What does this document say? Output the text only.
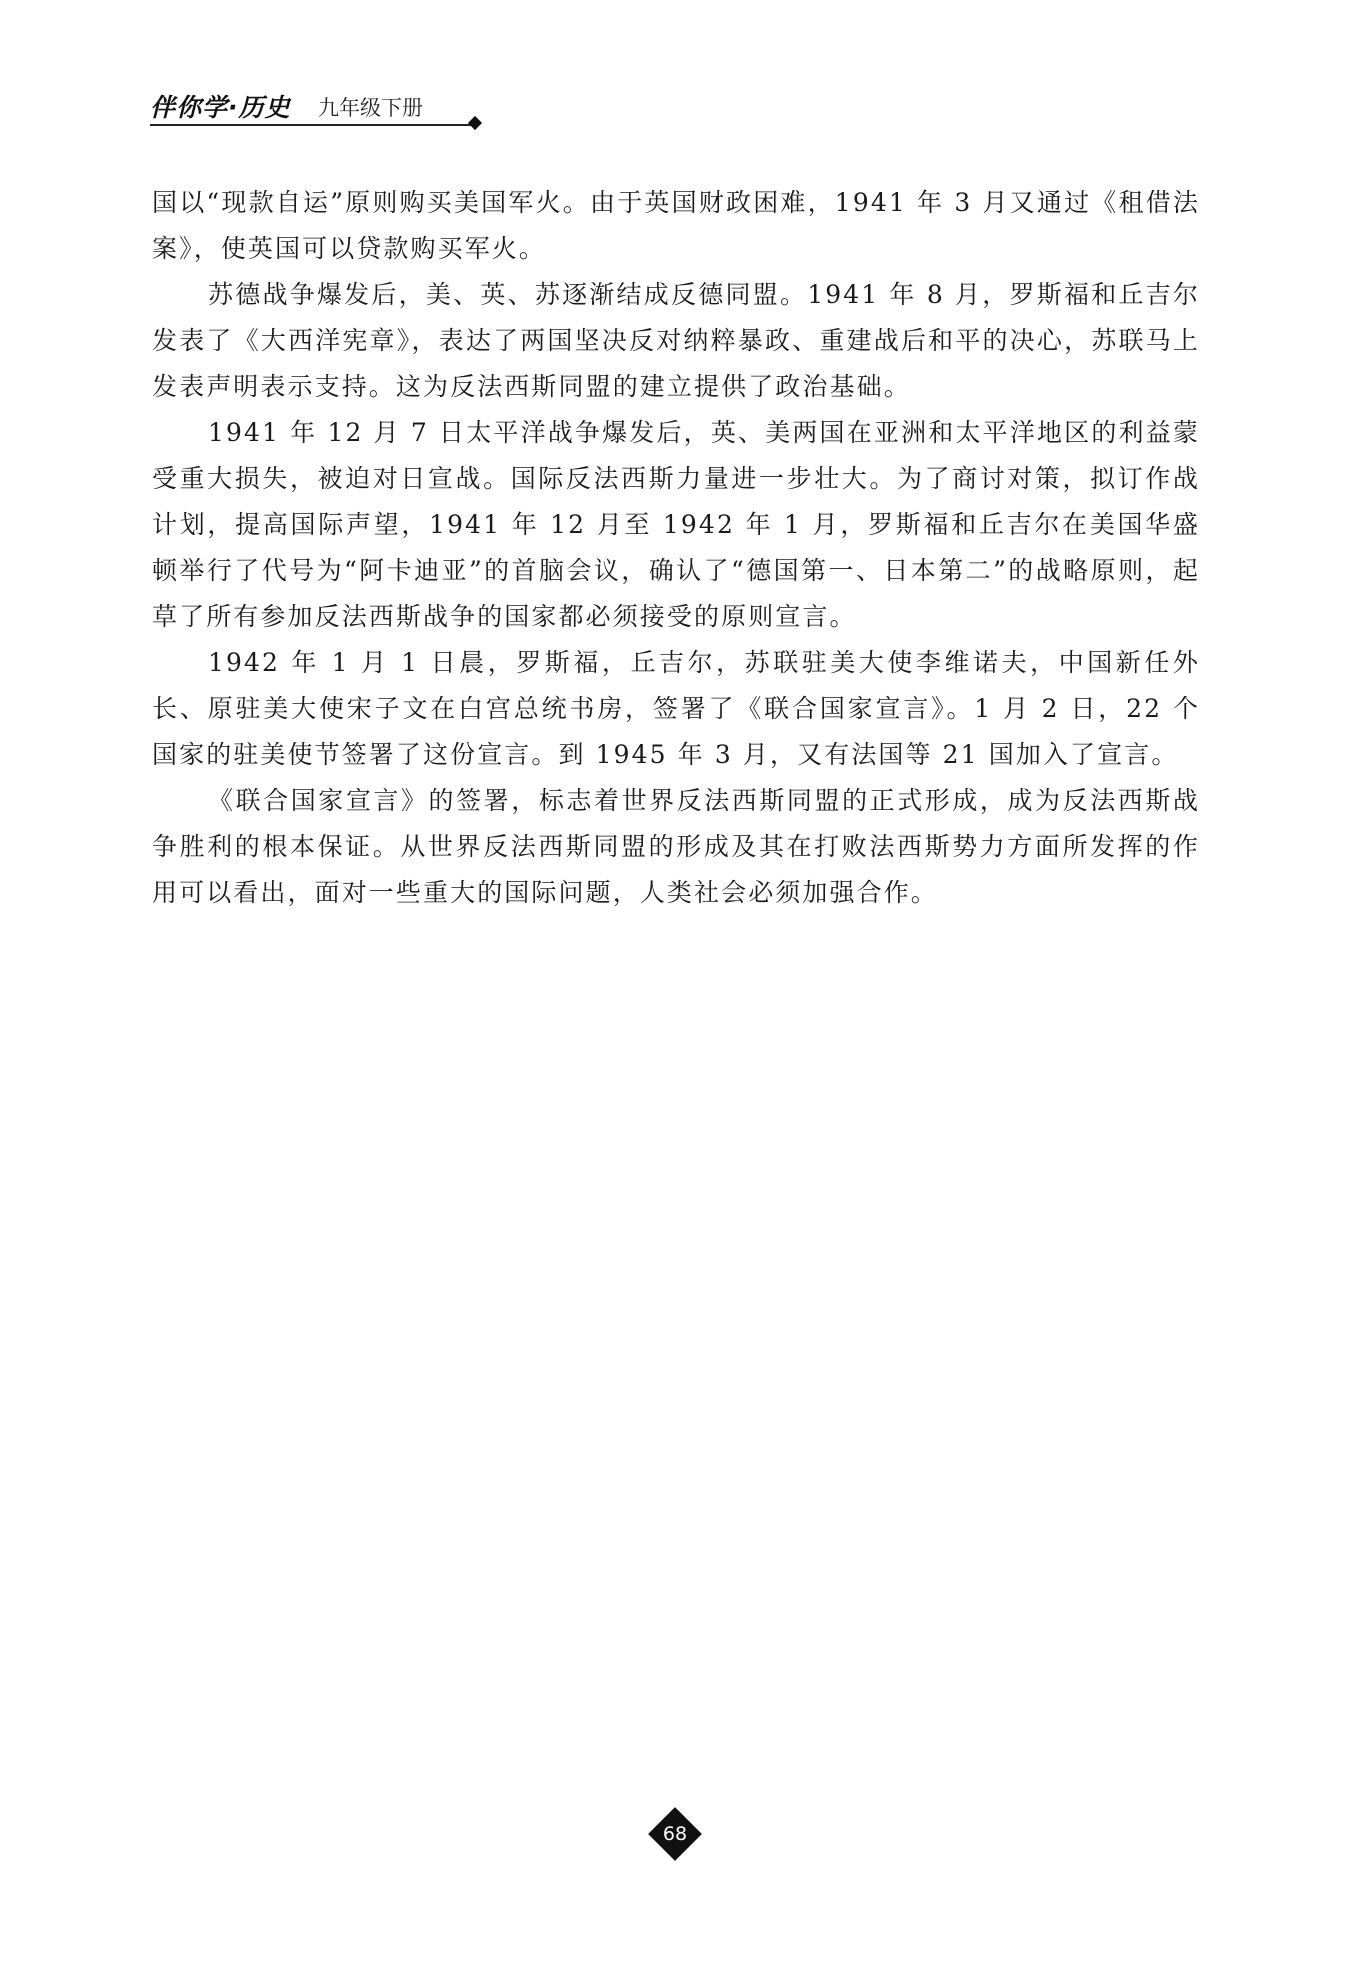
伴你学·历史 九年级下册

国以“现款自运”原则购买美国军火。由于英国财政困难，1941 年 3 月又通过《租借法案》，使英国可以贷款购买军火。

苏德战争爆发后，美、英、苏逐渐结成反德同盟。1941 年 8 月，罗斯福和丘吉尔发表了《大西洋宪章》，表达了两国坚决反对纳粹暴政、重建战后和平的决心，苏联马上发表声明表示支持。这为反法西斯同盟的建立提供了政治基础。

1941 年 12 月 7 日太平洋战争爆发后，英、美两国在亚洲和太平洋地区的利益蒙受重大损失，被迫对日宣战。国际反法西斯力量进一步壮大。为了商讨对策，拟订作战计划，提高国际声望，1941 年 12 月至 1942 年 1 月，罗斯福和丘吉尔在美国华盛顿举行了代号为“阿卡迪亚”的首脑会议，确认了“德国第一、日本第二”的战略原则，起草了所有参加反法西斯战争的国家都必须接受的原则宣言。

1942 年 1 月 1 日晨，罗斯福，丘吉尔，苏联驻美大使李维诺夫，中国新任外长、原驻美大使宋子文在白宫总统书房，签署了《联合国家宣言》。1 月 2 日，22 个国家的驻美使节签署了这份宣言。到 1945 年 3 月，又有法国等 21 国加入了宣言。

《联合国家宣言》的签署，标志着世界反法西斯同盟的正式形成，成为反法西斯战争胜利的根本保证。从世界反法西斯同盟的形成及其在打败法西斯势力方面所发挥的作用可以看出，面对一些重大的国际问题，人类社会必须加强合作。

68
